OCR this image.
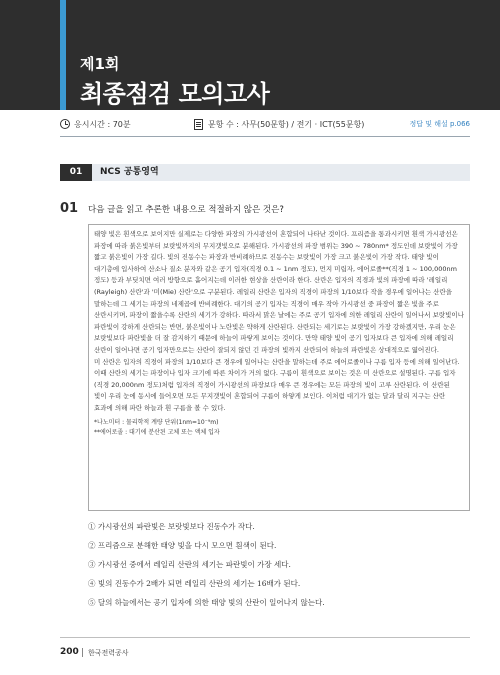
제1회
최종점검 모의고사
응시시간 : 70분	문항 수 : 사무(50문항) / 전기 · ICT(55문항)	정답 및 해설 p.066
01	NCS 공통영역
01 다음 글을 읽고 추론한 내용으로 적절하지 않은 것은?

태양 빛은 흰색으로 보이지만 실제로는 다양한 파장의 가시광선이 혼합되어 나타난 것이다. 프리즘을 통과시키면 흰색 가시광선은 파장에 따라 붉은빛부터 보랏빛까지의 무지갯빛으로 분해된다. 가시광선의 파장 범위는 390 ~ 780nm* 정도인데 보랏빛이 가장 짧고 붉은빛이 가장 길다. 빛의 진동수는 파장과 반비례하므로 진동수는 보랏빛이 가장 크고 붉은빛이 가장 작다. 태양 빛이 대기층에 입사하여 산소나 질소 분자와 같은 공기 입자(직경 0.1 ~ 1nm 정도), 먼지 미립자, 에어로졸**(직경 1 ~ 100,000nm 정도) 등과 부딪치면 여러 방향으로 흩어지는데 이러한 현상을 산란이라 한다. 산란은 입자의 직경과 빛의 파장에 따라 '레일리(Rayleigh) 산란'과 '미(Mie) 산란'으로 구분된다. 레일리 산란은 입자의 직경이 파장의 1/10보다 작을 경우에 일어나는 산란을 말하는데 그 세기는 파장의 네제곱에 반비례한다. 대기의 공기 입자는 직경이 매우 작아 가시광선 중 파장이 짧은 빛을 주로 산란시키며, 파장이 짧을수록 산란의 세기가 강하다. 따라서 맑은 날에는 주로 공기 입자에 의한 레일리 산란이 일어나서 보랏빛이나 파란빛이 강하게 산란되는 반면, 붉은빛이나 노란빛은 약하게 산란된다. 산란되는 세기로는 보랏빛이 가장 강하겠지만, 우리 눈은 보랏빛보다 파란빛을 더 잘 감지하기 때문에 하늘이 파랗게 보이는 것이다. 만약 태양 빛이 공기 입자보다 큰 입자에 의해 레일리 산란이 일어나면 공기 입자만으로는 산란이 잘되지 않던 긴 파장의 빛까지 산란되어 하늘의 파란빛은 상대적으로 엷어진다.

미 산란은 입자의 직경이 파장의 1/10보다 큰 경우에 일어나는 산란을 말하는데 주로 에어로졸이나 구름 입자 등에 의해 일어난다. 이때 산란의 세기는 파장이나 입자 크기에 따른 차이가 거의 없다. 구름이 흰색으로 보이는 것은 미 산란으로 설명된다. 구름 입자(직경 20,000nm 정도)처럼 입자의 직경이 가시광선의 파장보다 매우 큰 경우에는 모든 파장의 빛이 고루 산란된다. 이 산란된 빛이 우리 눈에 동시에 들어오면 모든 무지갯빛이 혼합되어 구름이 하얗게 보인다. 이처럼 대기가 없는 달과 달리 지구는 산란 효과에 의해 파란 하늘과 흰 구름을 볼 수 있다.

*나노미터 : 물리학적 계량 단위(1nm=10⁻⁹m)

**에어로졸 : 대기에 분산된 고체 또는 액체 입자

① 가시광선의 파란빛은 보랏빛보다 진동수가 작다.
② 프리즘으로 분해한 태양 빛을 다시 모으면 흰색이 된다.
③ 가시광선 중에서 레일리 산란의 세기는 파란빛이 가장 세다.
④ 빛의 진동수가 2배가 되면 레일리 산란의 세기는 16배가 된다.
⑤ 달의 하늘에서는 공기 입자에 의한 태양 빛의 산란이 일어나지 않는다.
200 한국전력공사
